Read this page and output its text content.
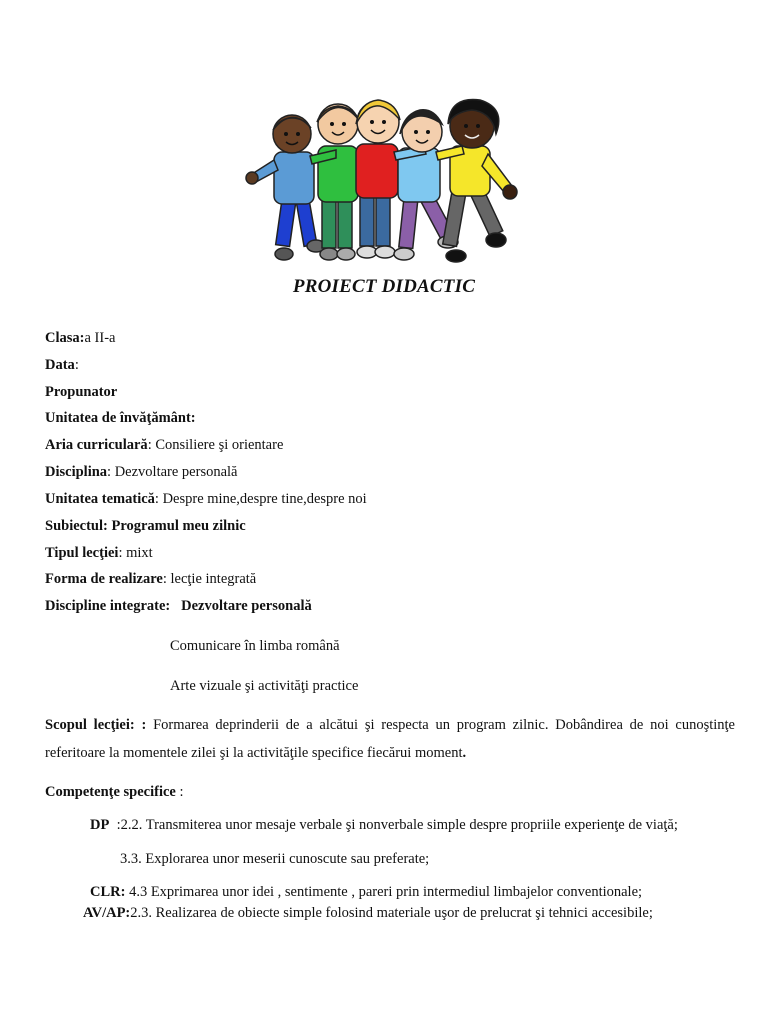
PROIECT DIDACTIC
Clasa:a II-a
Data:
Propunator
Unitatea de învăţământ:
Aria curriculară: Consiliere şi orientare
Disciplina: Dezvoltare personală
Unitatea tematică: Despre mine,despre tine,despre noi
Subiectul: Programul meu zilnic
Tipul lecţiei: mixt
Forma de realizare: lecţie integrată
Discipline integrate:   Dezvoltare personală
Comunicare în limba română
Arte vizuale şi activităţi practice
Scopul lecţiei: : Formarea deprinderii de a alcătui şi respecta un program zilnic. Dobândirea de noi cunoştinţe referitoare la momentele zilei şi la activităţile specifice fiecărui moment.
Competenţe specifice :
DP  :2.2. Transmiterea unor mesaje verbale şi nonverbale simple despre propriile experienţe de viaţă;
3.3. Explorarea unor meserii cunoscute sau preferate;
CLR: 4.3 Exprimarea unor idei , sentimente , pareri prin intermediul limbajelor conventionale;
AV/AP:2.3. Realizarea de obiecte simple folosind materiale uşor de prelucrat şi tehnici accesibile;
